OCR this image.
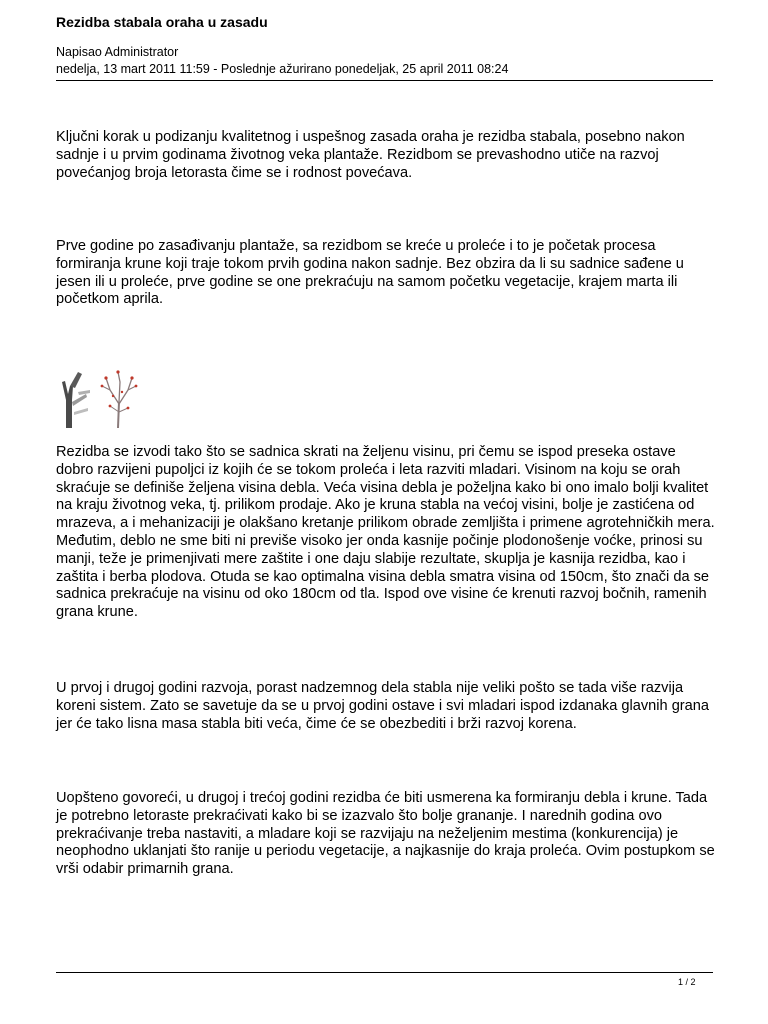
Rezidba stabala oraha u zasadu
Napisao Administrator
nedelja, 13 mart 2011 11:59 - Poslednje ažurirano ponedeljak, 25 april 2011 08:24

Ključni korak u podizanju kvalitetnog i uspešnog zasada oraha je rezidba stabala, posebno nakon sadnje i u prvim godinama životnog veka plantaže. Rezidbom se prevashodno utiče na razvoj povećanjog broja letorasta čime se i rodnost povećava.

Prve godine po zasađivanju plantaže, sa rezidbom se kreće u proleće i to je početak procesa formiranja krune koji traje tokom prvih godina nakon sadnje. Bez obzira da li su sadnice sađene u jesen ili u proleće, prve godine se one prekraćuju na samom početku vegetacije, krajem marta ili početkom aprila.

Rezidba se izvodi tako što se sadnica skrati na željenu visinu, pri čemu se ispod preseka ostave dobro razvijeni pupoljci iz kojih će se tokom proleća i leta razviti mladari. Visinom na koju se orah skraćuje se definiše željena visina debla. Veća visina debla je poželjna kako bi ono imalo bolji kvalitet na kraju životnog veka, tj. prilikom prodaje. Ako je kruna stabla na većoj visini, bolje je zastićena od mrazeva, a i mehanizaciji je olakšano kretanje prilikom obrade zemljišta i primene agrotehničkih mera. Međutim, deblo ne sme biti ni previše visoko jer onda kasnije počinje plodonošenje voćke, prinosi su manji, teže je primenjivati mere zaštite i one daju slabije rezultate, skuplja je kasnija rezidba, kao i zaštita i berba plodova. Otuda se kao optimalna visina debla smatra visina od 150cm, što znači da se sadnica prekraćuje na visinu od oko 180cm od tla. Ispod ove visine će krenuti razvoj bočnih, ramenih grana krune.

U prvoj i drugoj godini razvoja, porast nadzemnog dela stabla nije veliki pošto se tada više razvija koreni sistem. Zato se savetuje da se u prvoj godini ostave i svi mladari ispod izdanaka glavnih grana jer će tako lisna masa stabla biti veća, čime će se obezbediti i brži razvoj korena.

Uopšteno govoreći, u drugoj i trećoj godini rezidba će biti usmerena ka formiranju debla i krune. Tada je potrebno letoraste prekraćivati kako bi se izazvalo što bolje grananje. I narednih godina ovo prekraćivanje treba nastaviti, a mladare koji se razvijaju na neželjenim mestima (konkurencija) je neophodno uklanjati što ranije u periodu vegetacije, a najkasnije do kraja proleća. Ovim postupkom se vrši odabir primarnih grana.

1 / 2
